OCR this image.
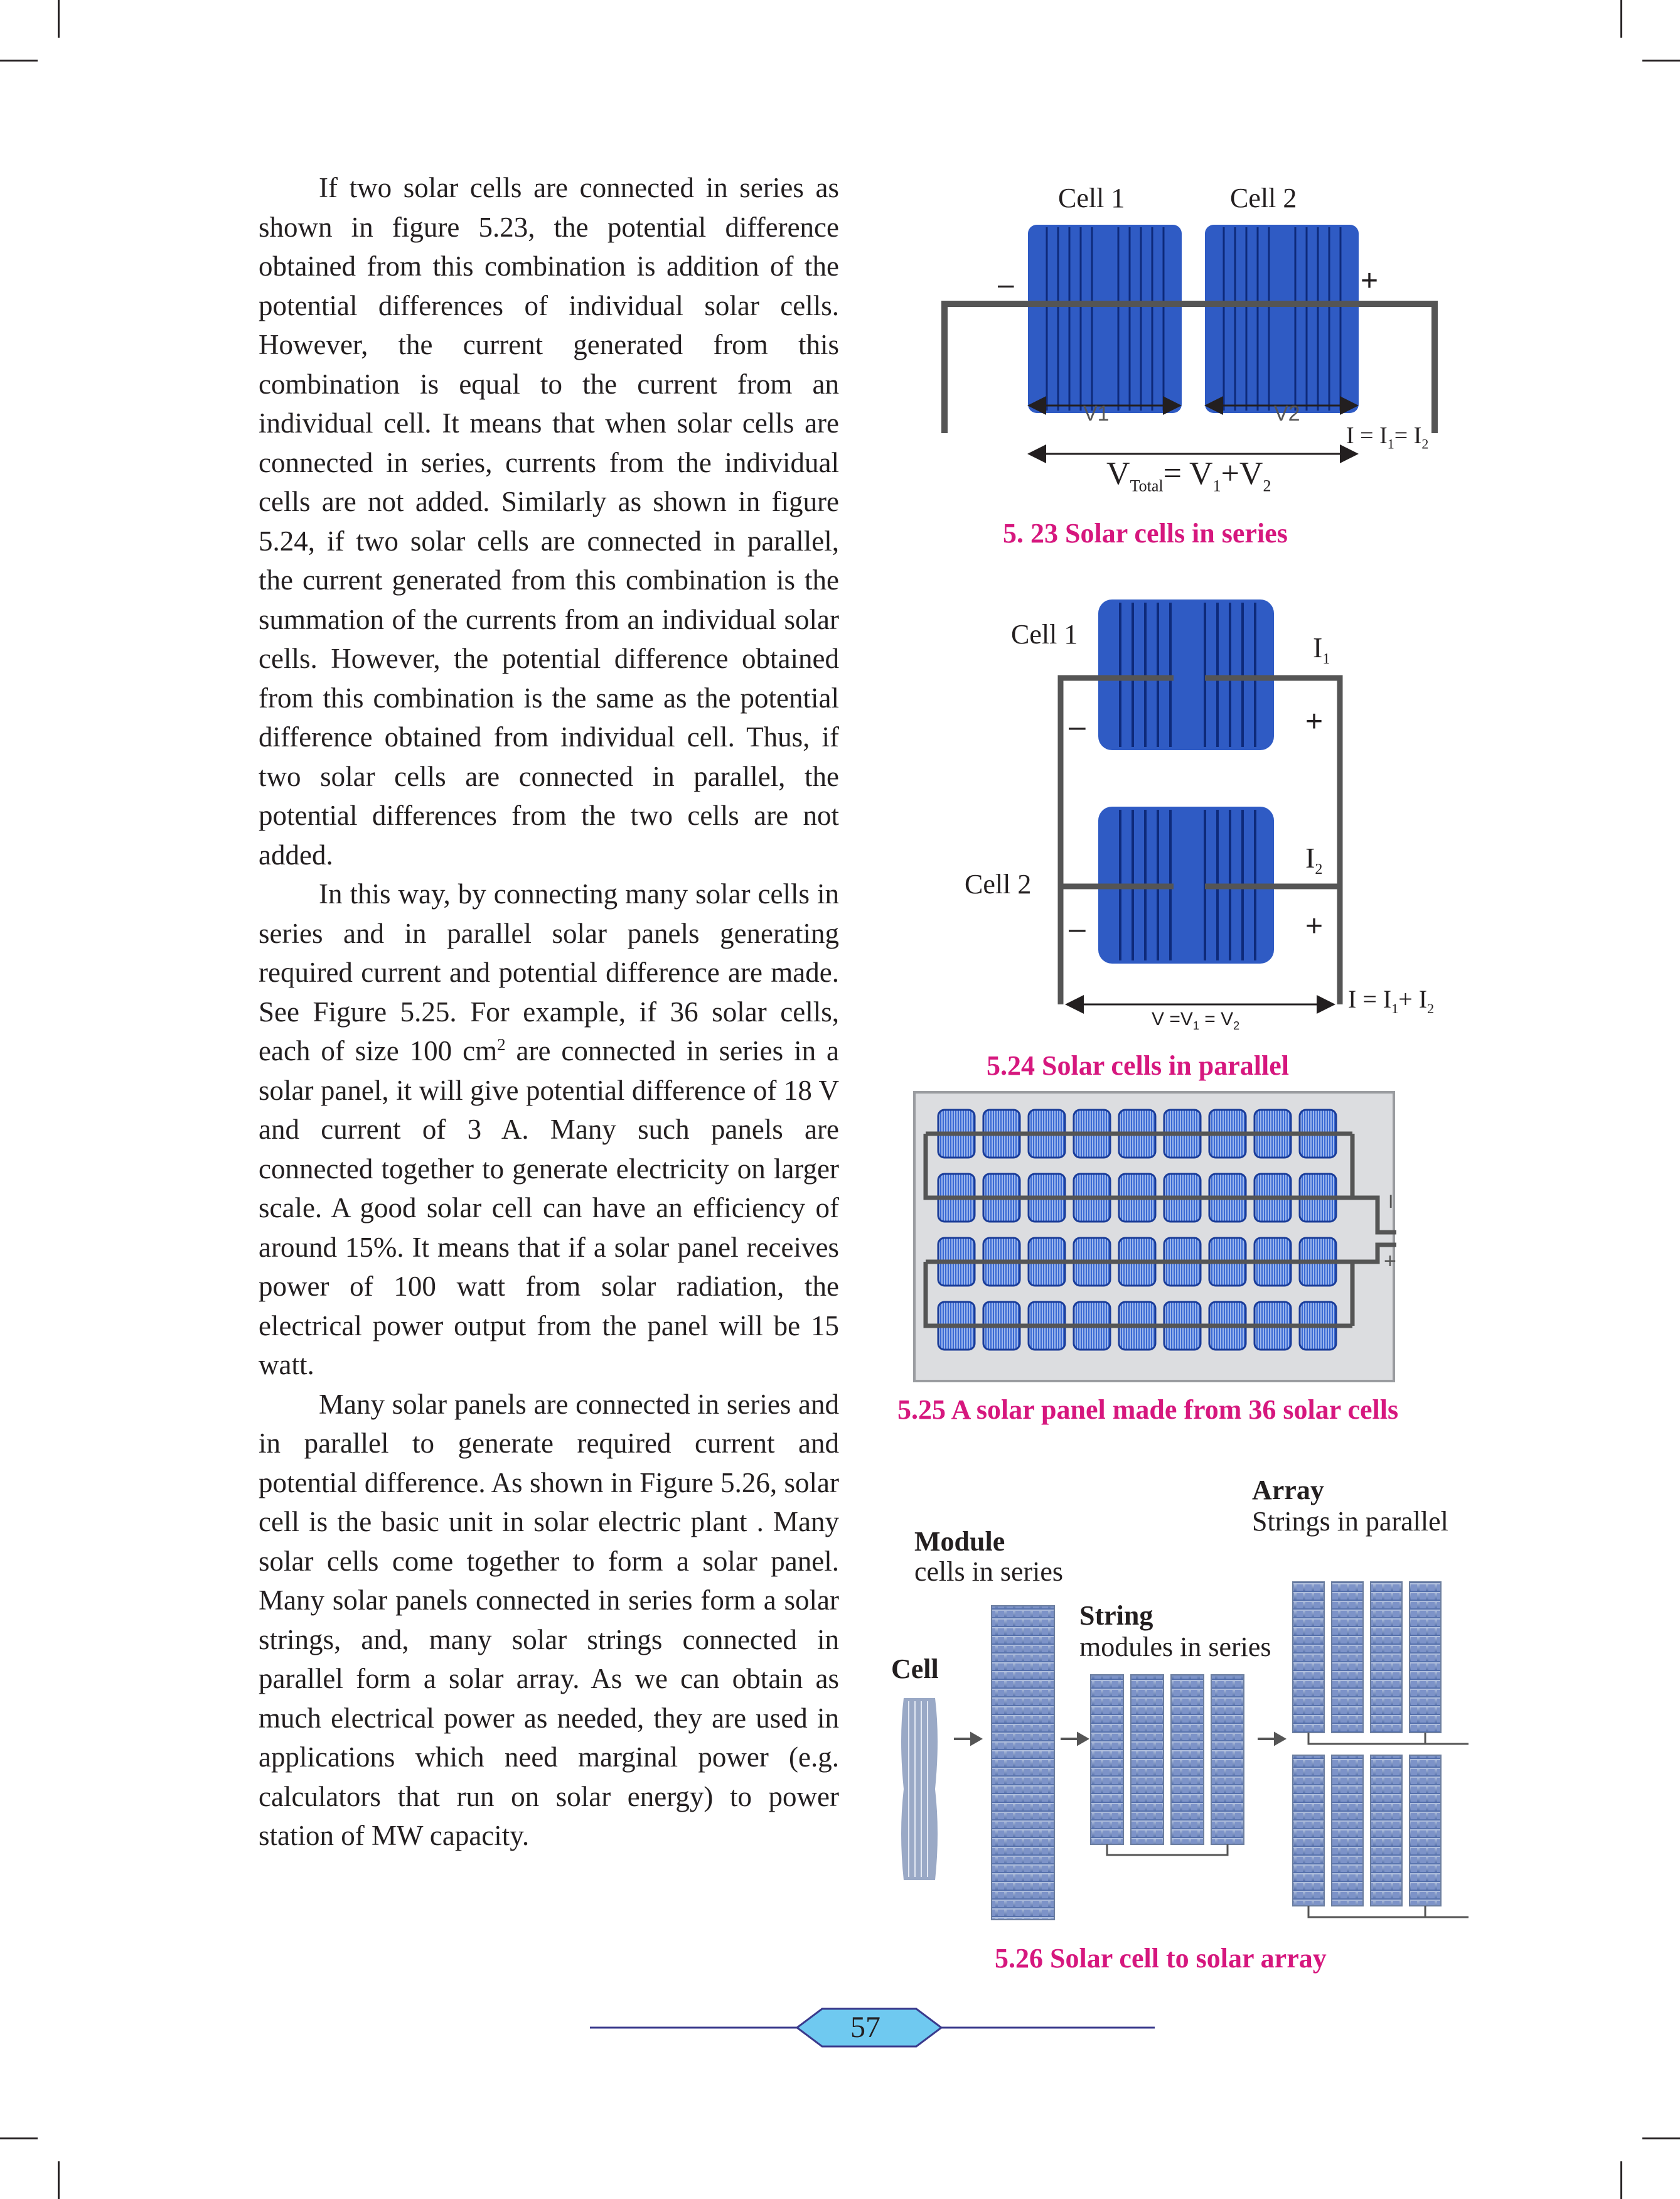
If two solar cells are connected in series as shown in figure 5.23, the potential difference obtained from this combination is addition of the potential differences of individual solar cells. However, the current generated from this combination is equal to the current from an individual cell. It means that when solar cells are connected in series, currents from the individual cells are not added. Similarly as shown in figure 5.24, if two solar cells are connected in parallel, the current generated from this combination is the summation of the currents from an individual solar cells. However, the potential difference obtained from this combination is the same as the potential difference obtained from individual cell. Thus, if two solar cells are connected in parallel, the potential differences from the two cells are not added.

In this way, by connecting many solar cells in series and in parallel solar panels generating required current and potential difference are made. See Figure 5.25. For example, if 36 solar cells, each of size 100 $cm^2$ are connected in series in a solar panel, it will give potential difference of 18 V and current of 3 A. Many such panels are connected together to generate electricity on larger scale. A good solar cell can have an efficiency of around 15%. It means that if a solar panel receives power of 100 watt from solar radiation, the electrical power output from the panel will be 15 watt.

Many solar panels are connected in series and in parallel to generate required current and potential difference. As shown in Figure 5.26, solar cell is the basic unit in solar electric plant . Many solar cells come together to form a solar panel. Many solar panels connected in series form a solar strings, and, many solar strings connected in parallel form a solar array. As we can obtain as much electrical power as needed, they are used in applications which need marginal power (e.g. calculators that run on solar energy) to power station of MW capacity.

Cell 1	Cell 2
–	+
V1	V2
$I = I_1= I_2$
$V_{Total}= V_1+V_2$
5. 23 Solar cells in series
Cell 1
Cell 2
$I_1$
$I_2$
–	+
–	+
$I = I_1+ I_2$
$V =V_1 = V_2$
5.24 Solar cells in parallel
I
+
5.25 A solar panel made from 36 solar cells
Array
Strings in parallel
Module
cells in series
String
modules in series
Cell
5.26 Solar cell to solar array
57
